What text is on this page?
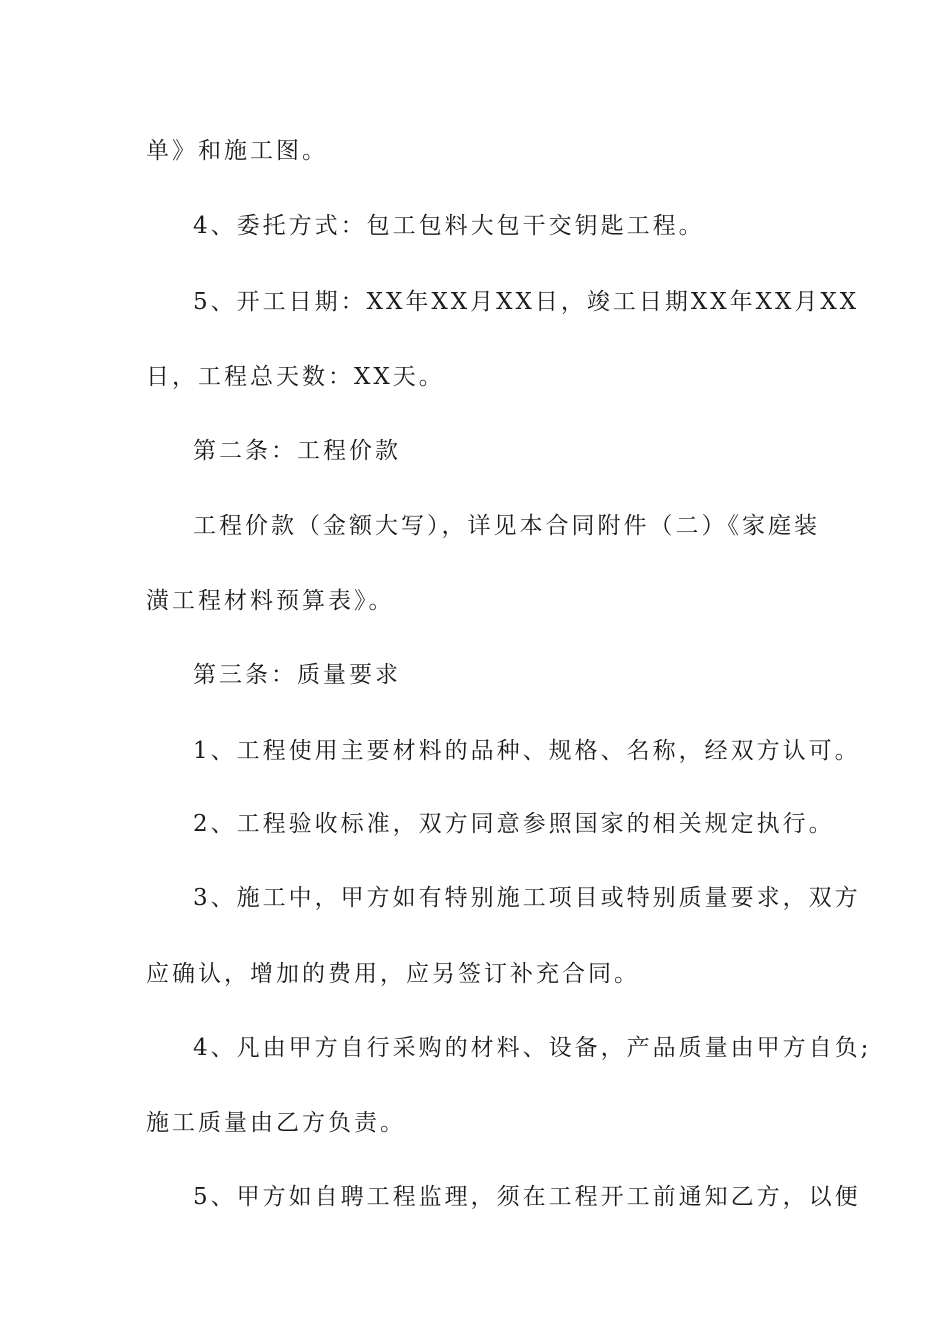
单》和施工图。
4、委托方式：包工包料大包干交钥匙工程。
5、开工日期：XX年XX月XX日，竣工日期XX年XX月XX
日，工程总天数：XX天。
第二条：工程价款
工程价款（金额大写），详见本合同附件（二）《家庭装
潢工程材料预算表》。
第三条：质量要求
1、工程使用主要材料的品种、规格、名称，经双方认可。
2、工程验收标准，双方同意参照国家的相关规定执行。
3、施工中，甲方如有特别施工项目或特别质量要求，双方
应确认，增加的费用，应另签订补充合同。
4、凡由甲方自行采购的材料、设备，产品质量由甲方自负;
施工质量由乙方负责。
5、甲方如自聘工程监理，须在工程开工前通知乙方，以便
